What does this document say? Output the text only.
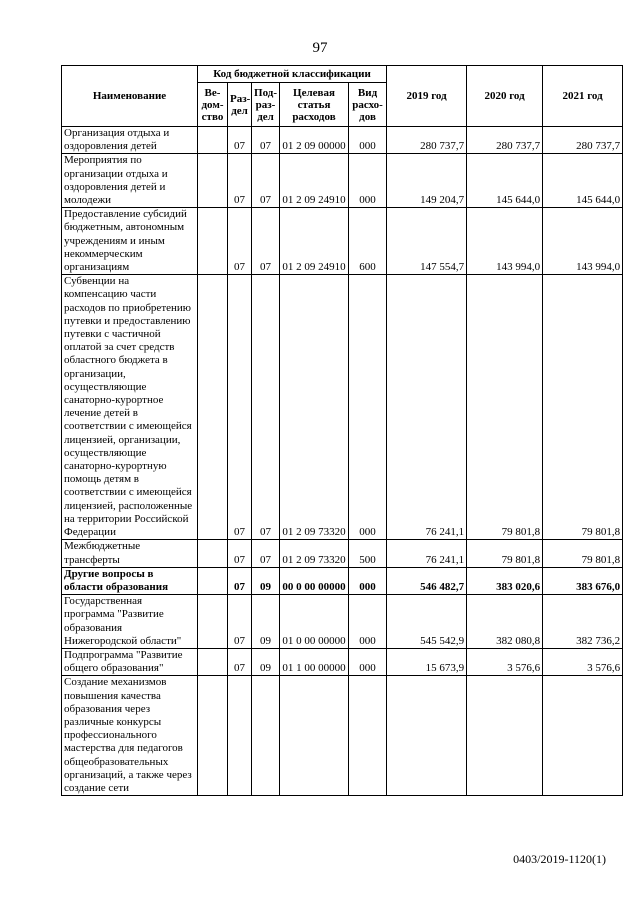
97
Наименование	Код бюджетной классификации					2019 год	2020 год	2021 год
	Ве-дом-ство	Раз-дел	Под-раз-дел	Целевая статья расходов	Вид расхо-дов			
Организация отдыха и оздоровления детей		07	07	01 2 09 00000	000	280 737,7	280 737,7	280 737,7
Мероприятия по организации отдыха и оздоровления детей и молодежи		07	07	01 2 09 24910	000	149 204,7	145 644,0	145 644,0
Предоставление субсидий бюджетным, автономным учреждениям и иным некоммерческим организациям		07	07	01 2 09 24910	600	147 554,7	143 994,0	143 994,0
Субвенции на компенсацию части расходов по приобретению путевки и предоставлению путевки с частичной оплатой за счет средств областного бюджета в организации, осуществляющие санаторно-курортное лечение детей в соответствии с имеющейся лицензией, организации, осуществляющие санаторно-курортную помощь детям в соответствии с имеющейся лицензией, расположенные на территории Российской Федерации		07	07	01 2 09 73320	000	76 241,1	79 801,8	79 801,8
Межбюджетные трансферты		07	07	01 2 09 73320	500	76 241,1	79 801,8	79 801,8
Другие вопросы в области образования		07	09	00 0 00 00000	000	546 482,7	383 020,6	383 676,0
Государственная программа "Развитие образования Нижегородской области"		07	09	01 0 00 00000	000	545 542,9	382 080,8	382 736,2
Подпрограмма "Развитие общего образования"		07	09	01 1 00 00000	000	15 673,9	3 576,6	3 576,6
Создание механизмов повышения качества образования через различные конкурсы профессионального мастерства для педагогов общеобразовательных организаций, а также через создание сети								
0403/2019-1120(1)
